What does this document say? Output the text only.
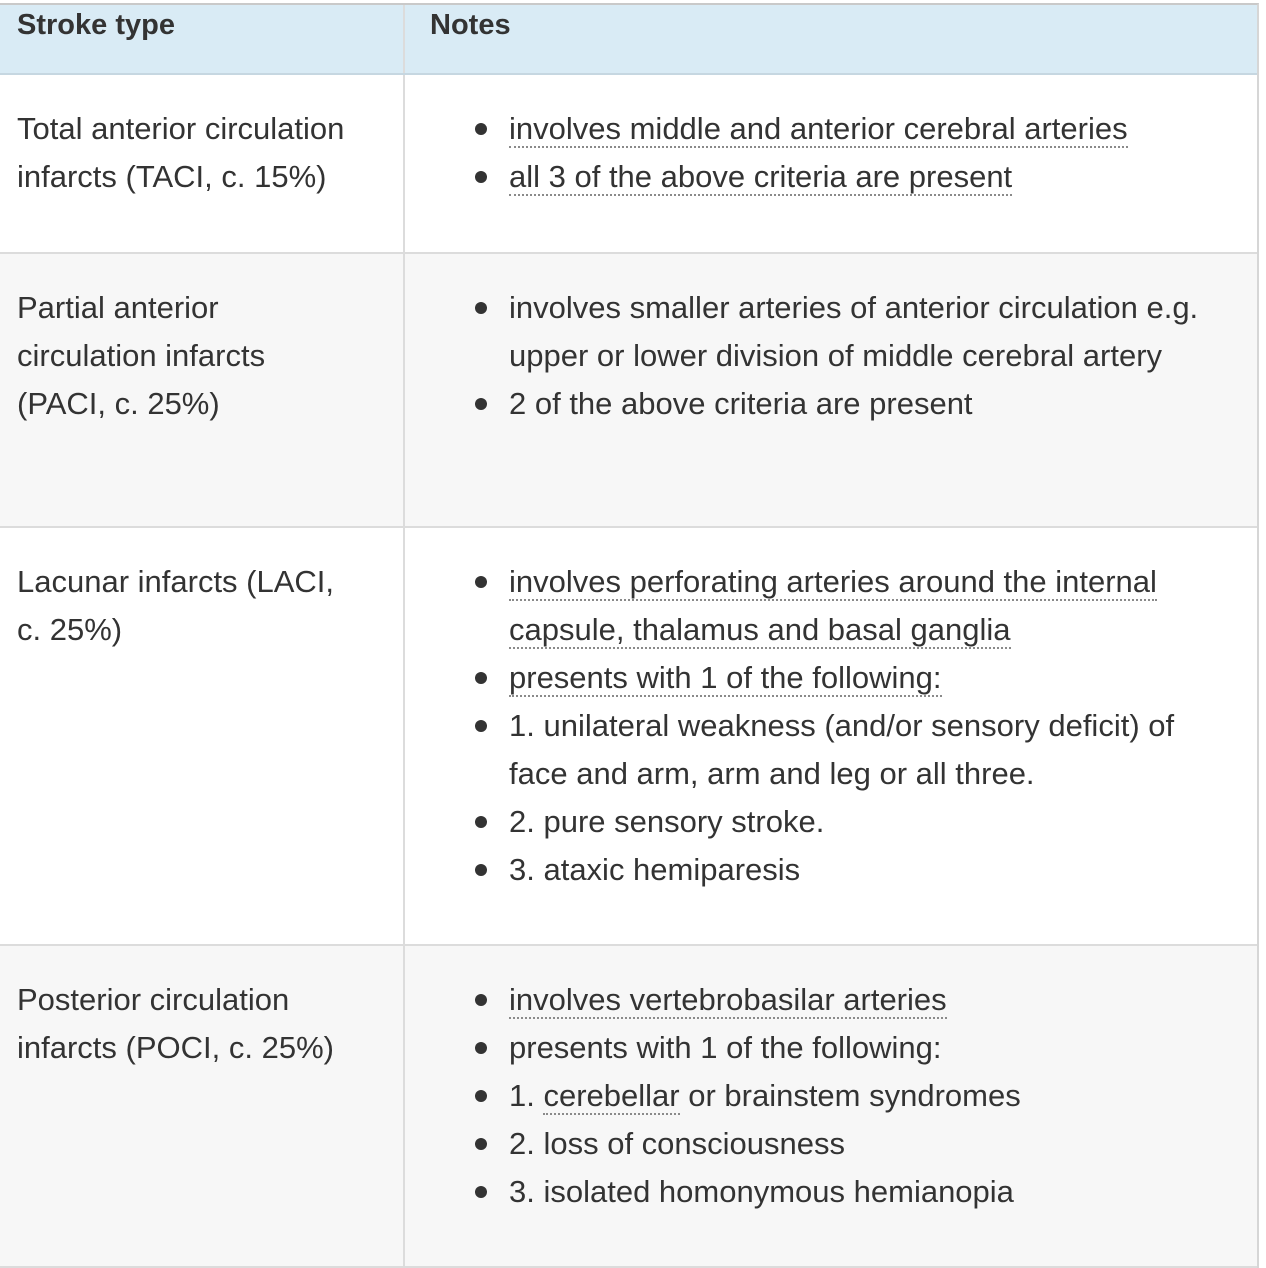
Stroke type	Notes
Total anterior circulation infarcts (TACI, c. 15%)
involves middle and anterior cerebral arteries
all 3 of the above criteria are present
Partial anterior circulation infarcts (PACI, c. 25%)
involves smaller arteries of anterior circulation e.g. upper or lower division of middle cerebral artery
2 of the above criteria are present
Lacunar infarcts (LACI, c. 25%)
involves perforating arteries around the internal capsule, thalamus and basal ganglia
presents with 1 of the following:
1. unilateral weakness (and/or sensory deficit) of face and arm, arm and leg or all three.
2. pure sensory stroke.
3. ataxic hemiparesis
Posterior circulation infarcts (POCI, c. 25%)
involves vertebrobasilar arteries
presents with 1 of the following:
1. cerebellar or brainstem syndromes
2. loss of consciousness
3. isolated homonymous hemianopia
